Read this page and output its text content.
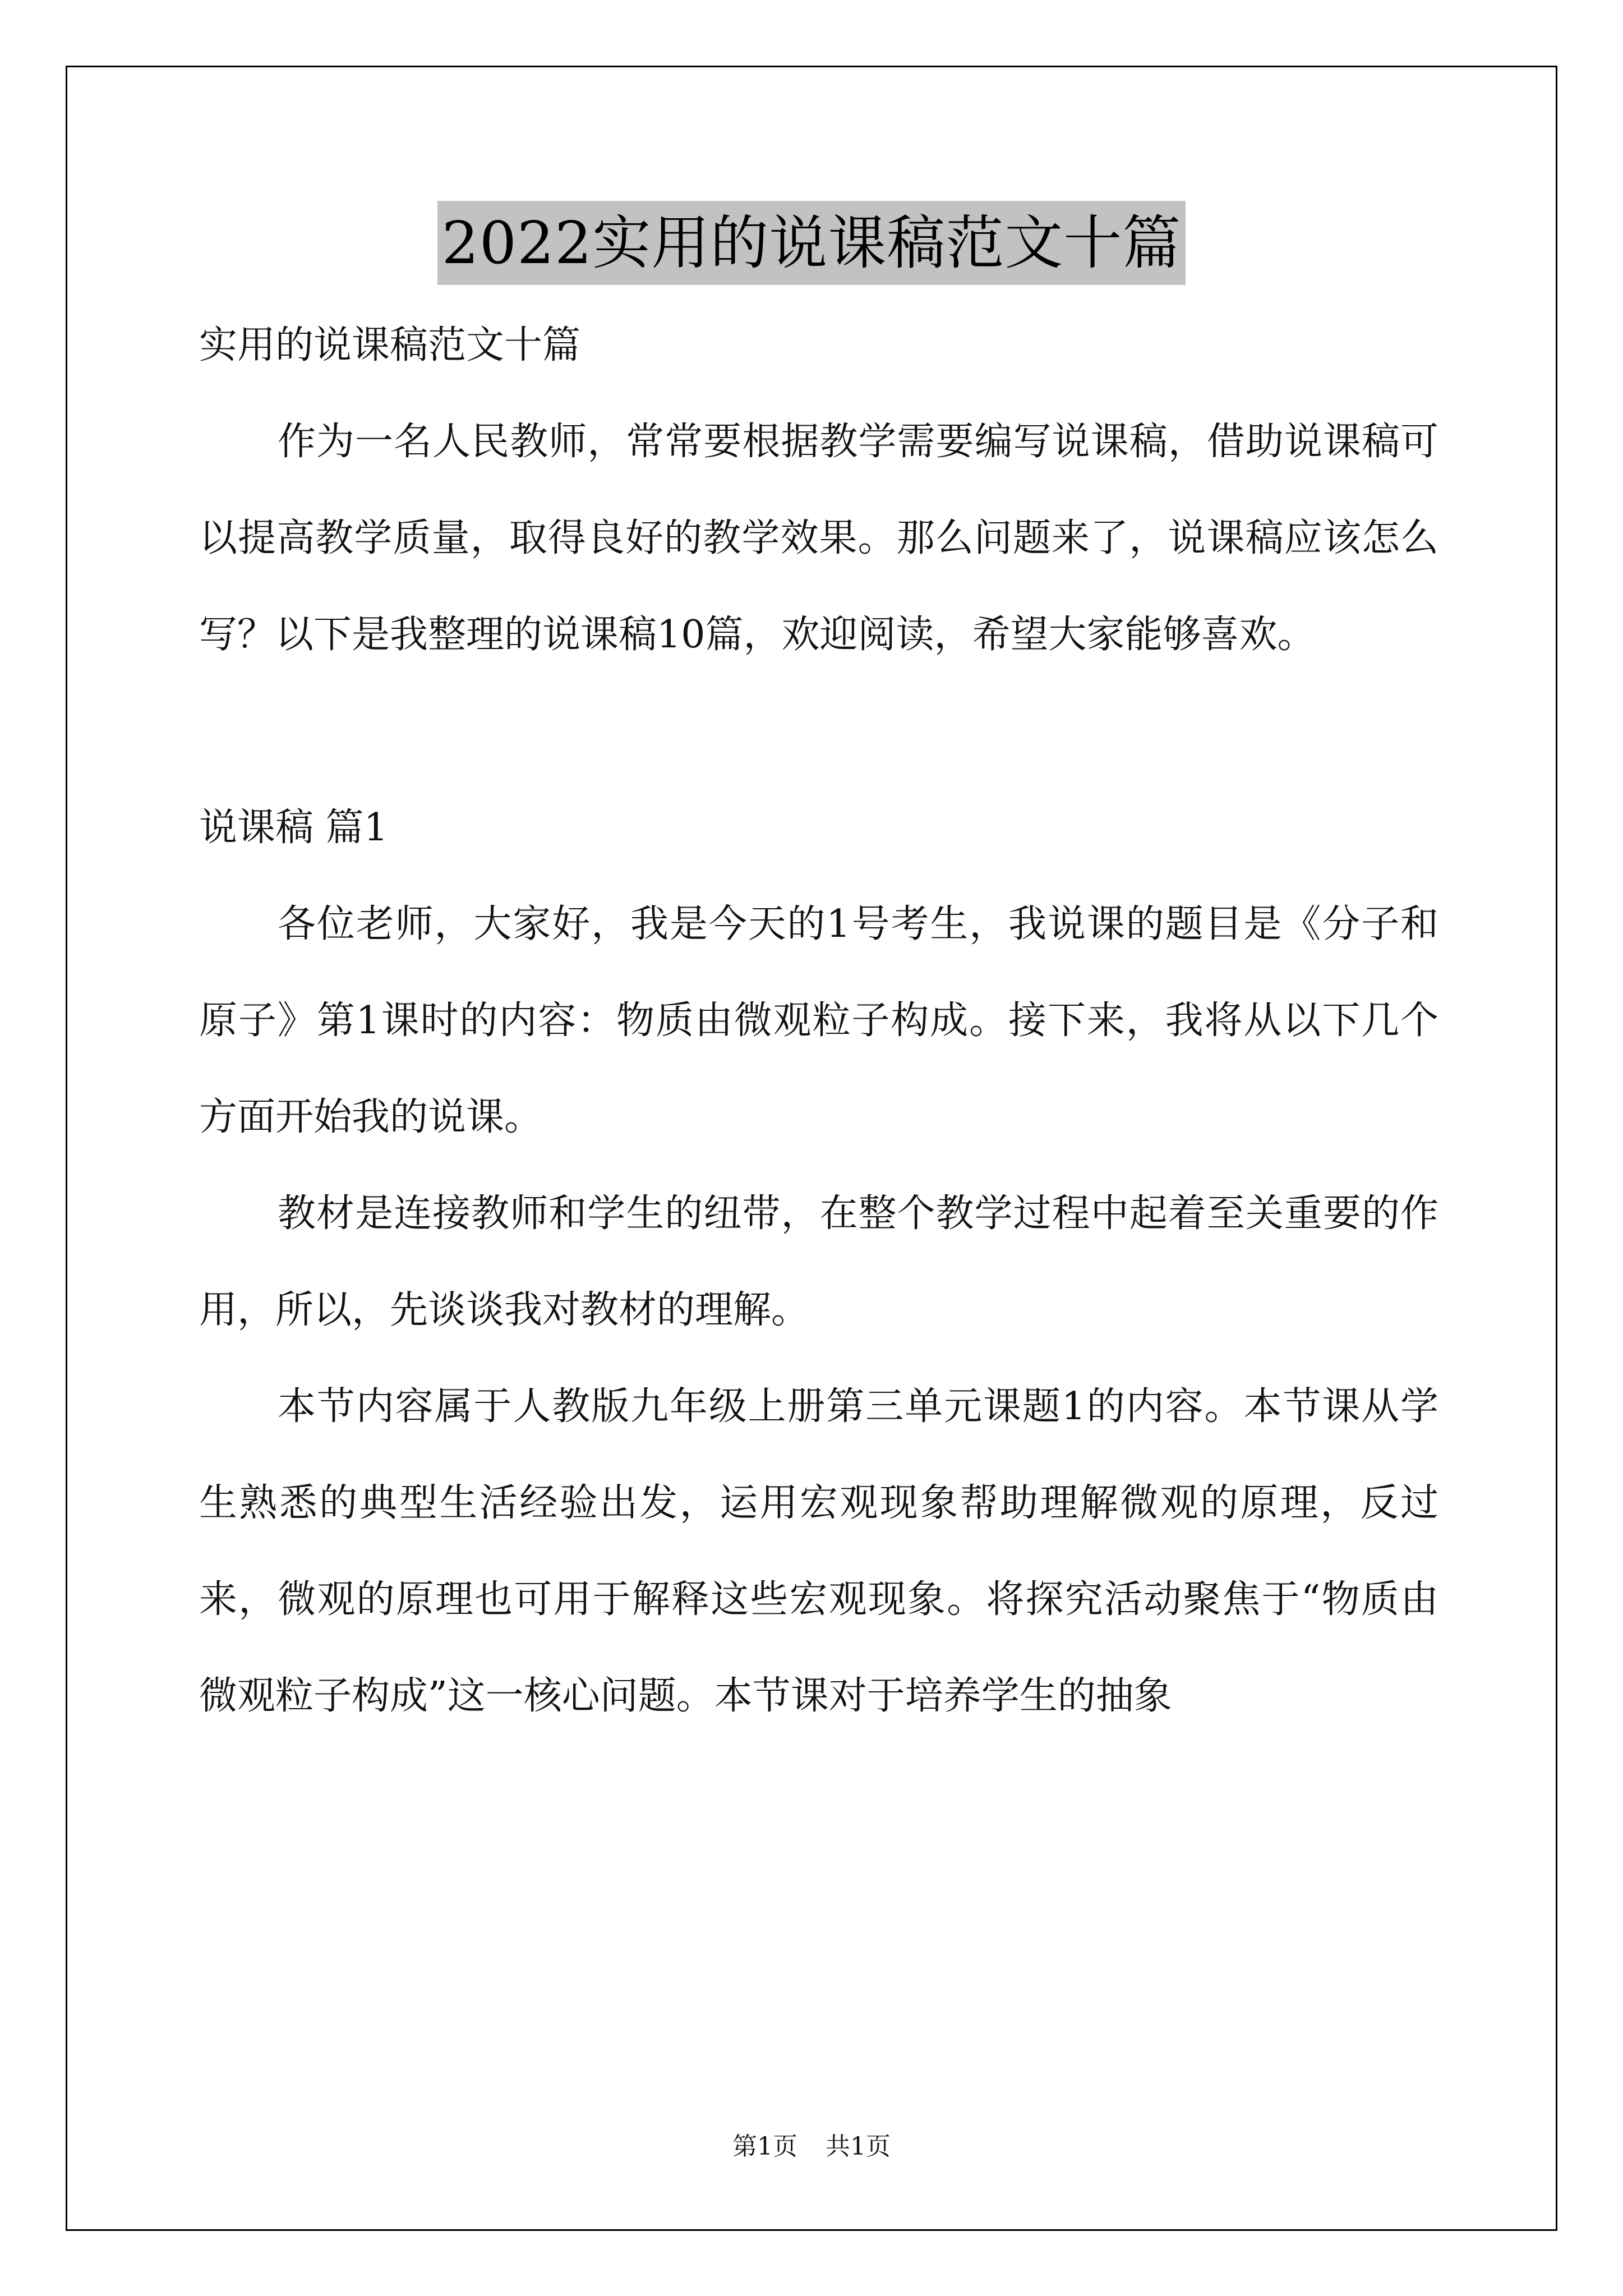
2022实用的说课稿范文十篇

实用的说课稿范文十篇

作为一名人民教师，常常要根据教学需要编写说课稿，借助说课稿可以提高教学质量，取得良好的教学效果。那么问题来了，说课稿应该怎么写？以下是我整理的说课稿10篇，欢迎阅读，希望大家能够喜欢。

说课稿 篇1

各位老师，大家好，我是今天的1号考生，我说课的题目是《分子和原子》第1课时的内容：物质由微观粒子构成。接下来，我将从以下几个方面开始我的说课。

教材是连接教师和学生的纽带，在整个教学过程中起着至关重要的作用，所以，先谈谈我对教材的理解。

本节内容属于人教版九年级上册第三单元课题1的内容。本节课从学生熟悉的典型生活经验出发，运用宏观现象帮助理解微观的原理，反过来，微观的原理也可用于解释这些宏观现象。将探究活动聚焦于“物质由微观粒子构成”这一核心问题。本节课对于培养学生的抽象

第1页 共1页
